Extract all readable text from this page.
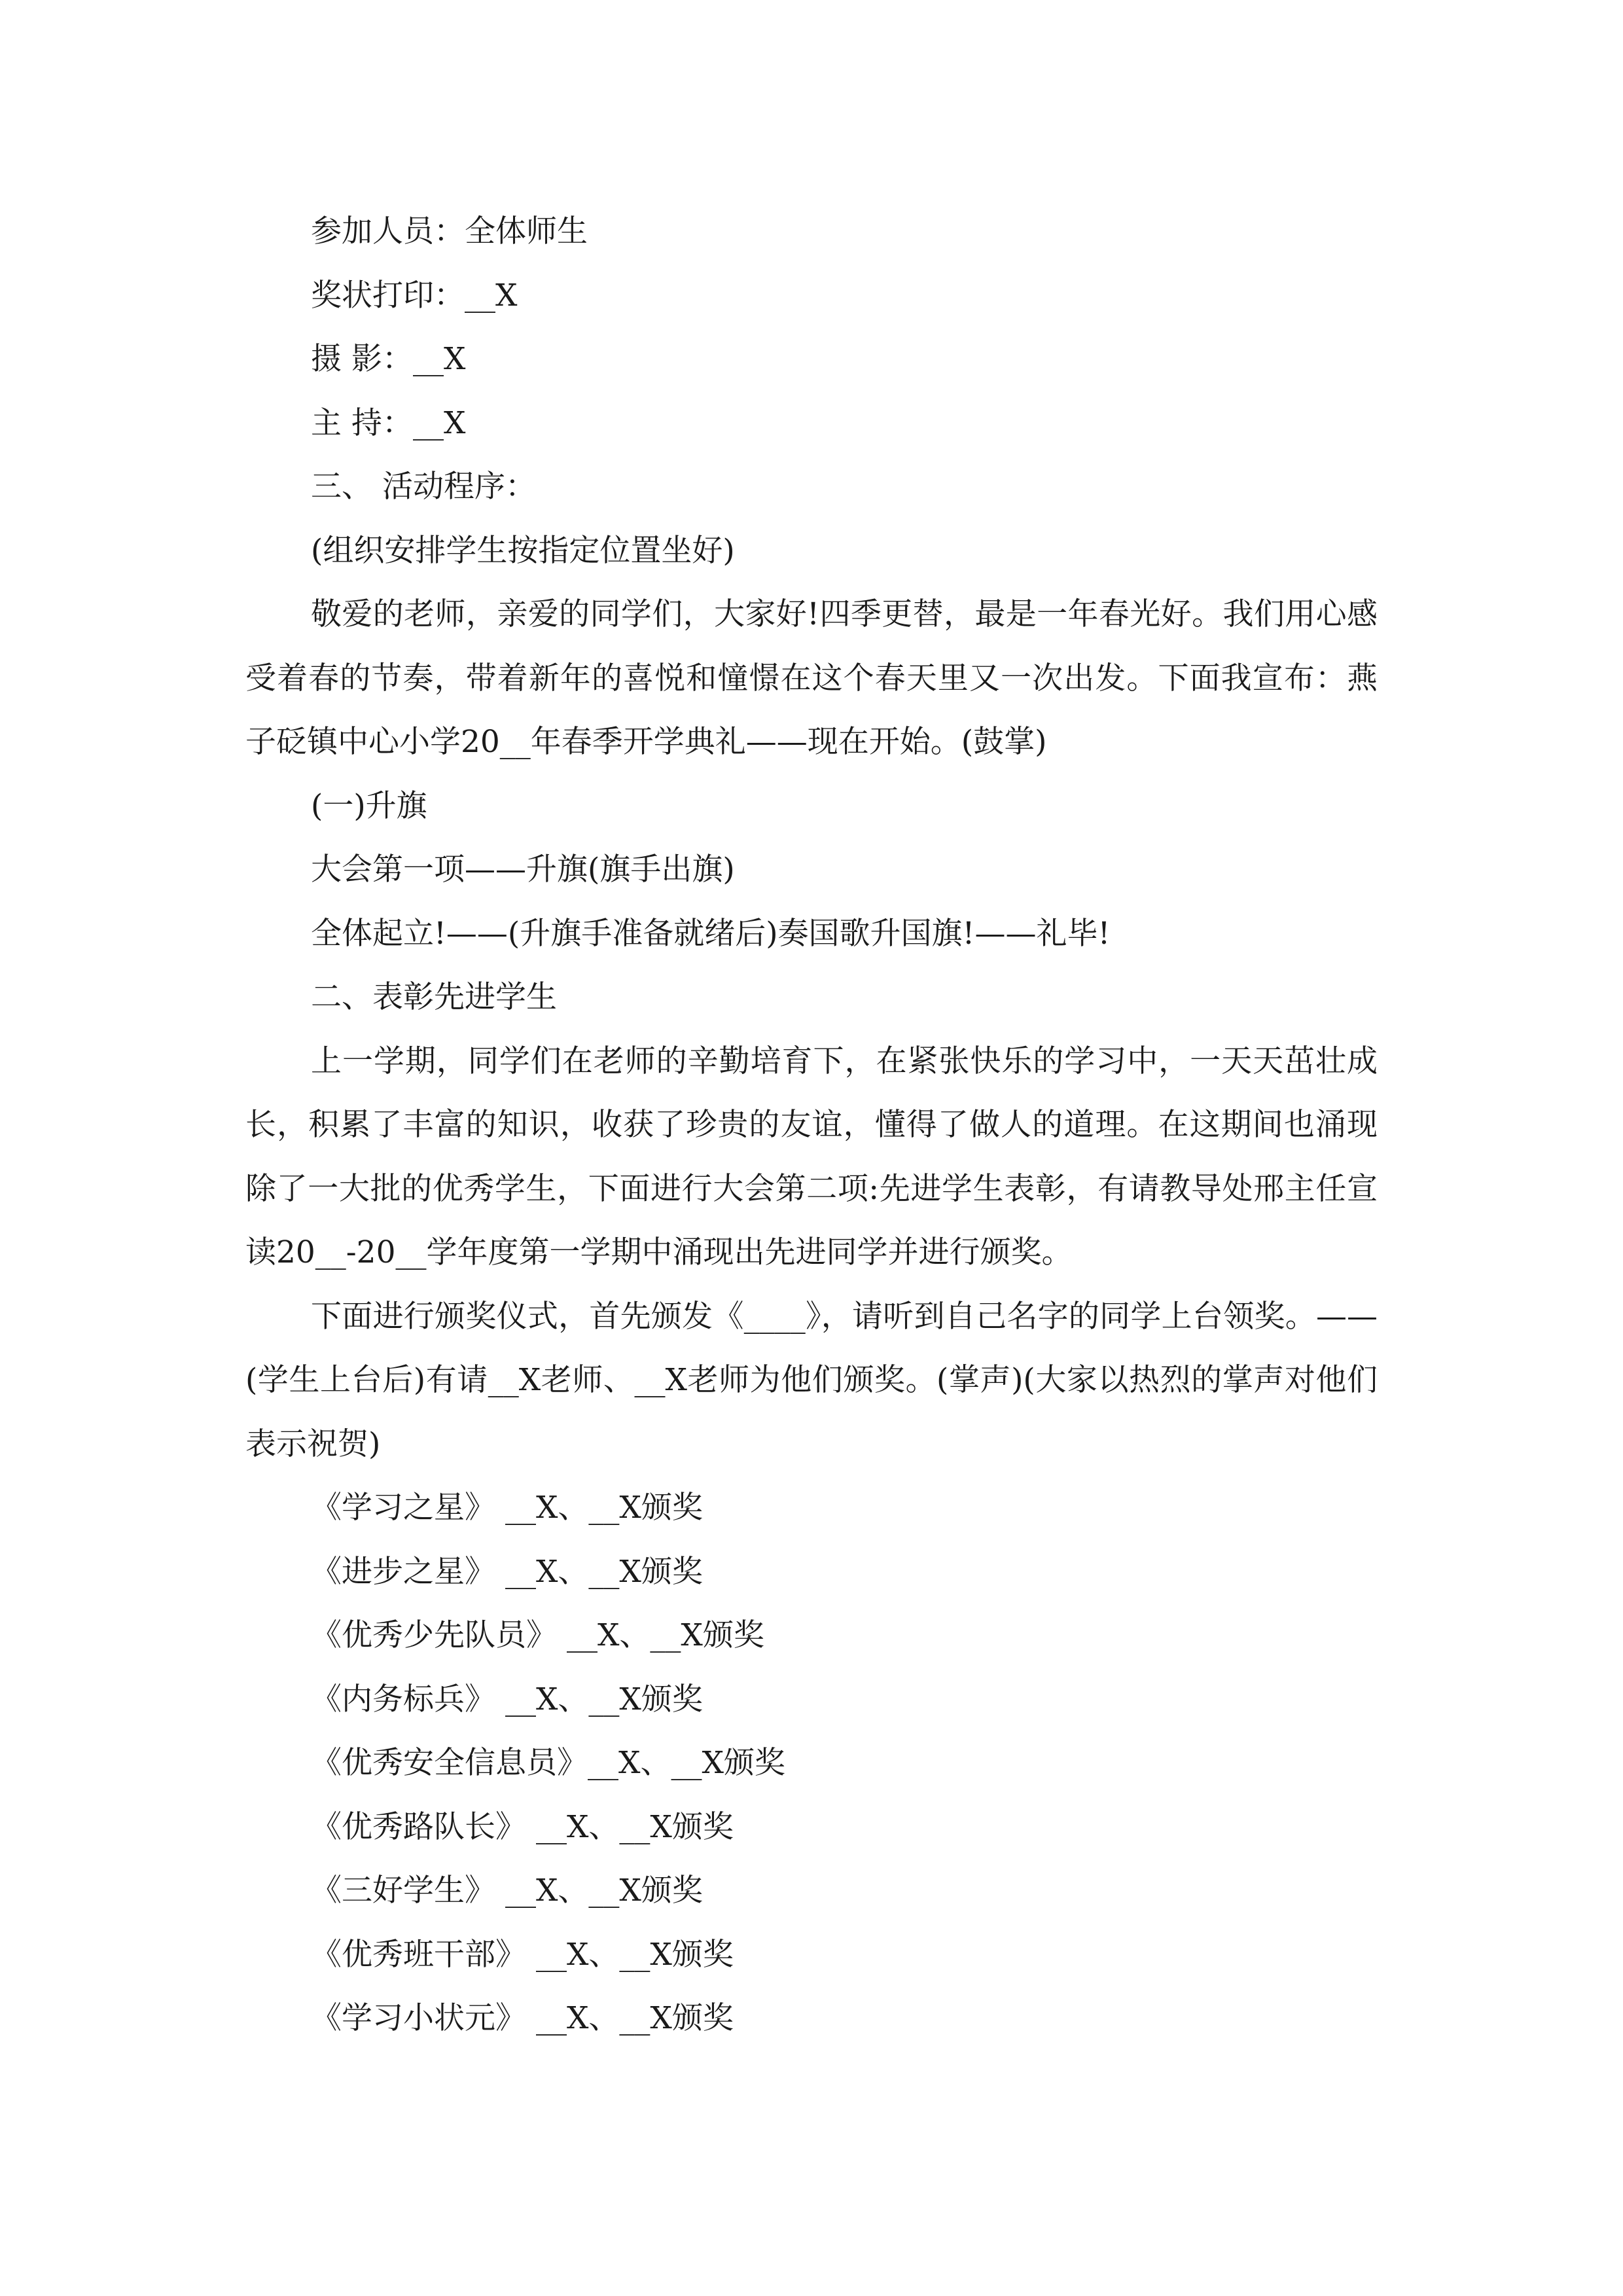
参加人员：全体师生

奖状打印：__X

摄 影：__X

主 持：__X

三、 活动程序：

(组织安排学生按指定位置坐好)

敬爱的老师，亲爱的同学们，大家好!四季更替，最是一年春光好。我们用心感受着春的节奏，带着新年的喜悦和憧憬在这个春天里又一次出发。下面我宣布：燕子砭镇中心小学20__年春季开学典礼——现在开始。(鼓掌)

(一)升旗

大会第一项——升旗(旗手出旗)

全体起立!——(升旗手准备就绪后)奏国歌升国旗!——礼毕!

二、表彰先进学生

上一学期，同学们在老师的辛勤培育下，在紧张快乐的学习中，一天天茁壮成长，积累了丰富的知识，收获了珍贵的友谊，懂得了做人的道理。在这期间也涌现除了一大批的优秀学生，下面进行大会第二项:先进学生表彰，有请教导处邢主任宣读20__-20__学年度第一学期中涌现出先进同学并进行颁奖。

下面进行颁奖仪式，首先颁发《____》，请听到自己名字的同学上台领奖。——(学生上台后)有请__X老师、__X老师为他们颁奖。(掌声)(大家以热烈的掌声对他们表示祝贺)

《学习之星》 __X、__X颁奖

《进步之星》 __X、__X颁奖

《优秀少先队员》 __X、__X颁奖

《内务标兵》 __X、__X颁奖

《优秀安全信息员》__X、__X颁奖

《优秀路队长》 __X、__X颁奖

《三好学生》 __X、__X颁奖

《优秀班干部》 __X、__X颁奖

《学习小状元》 __X、__X颁奖
